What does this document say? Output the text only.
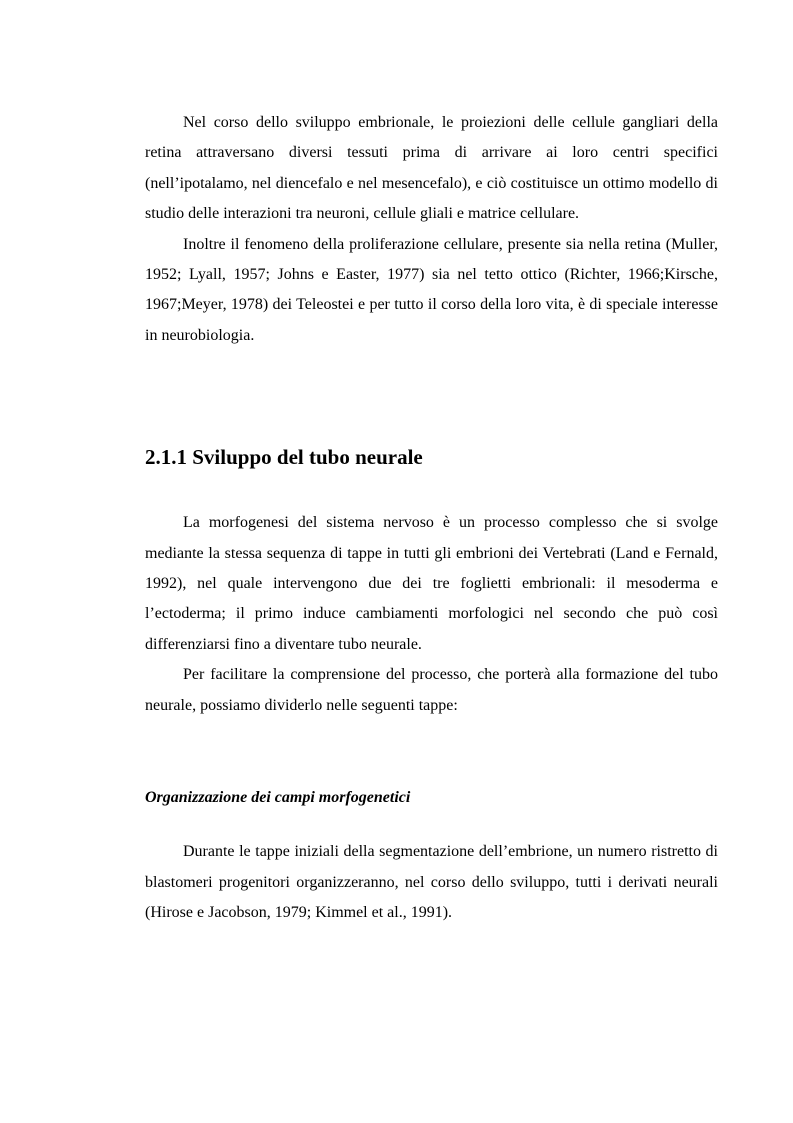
Nel corso dello sviluppo embrionale, le proiezioni delle cellule gangliari della retina attraversano diversi tessuti prima di arrivare ai loro centri specifici (nell’ipotalamo, nel diencefalo e nel mesencefalo), e ciò costituisce un ottimo modello di studio delle interazioni tra neuroni, cellule gliali e matrice cellulare.

Inoltre il fenomeno della proliferazione cellulare, presente sia nella retina (Muller, 1952; Lyall, 1957; Johns e Easter, 1977) sia nel tetto ottico (Richter, 1966;Kirsche, 1967;Meyer, 1978) dei Teleostei e per tutto il corso della loro vita, è di speciale interesse in neurobiologia.

2.1.1 Sviluppo del tubo neurale

La morfogenesi del sistema nervoso è un processo complesso che si svolge mediante la stessa sequenza di tappe in tutti gli embrioni dei Vertebrati (Land e Fernald, 1992), nel quale intervengono due dei tre foglietti embrionali: il mesoderma e l’ectoderma; il primo induce cambiamenti morfologici nel secondo che può così differenziarsi fino a diventare tubo neurale.

Per facilitare la comprensione del processo, che porterà alla formazione del tubo neurale, possiamo dividerlo nelle seguenti tappe:

Organizzazione dei campi morfogenetici

Durante le tappe iniziali della segmentazione dell’embrione, un numero ristretto di blastomeri progenitori organizzeranno, nel corso dello sviluppo, tutti i derivati neurali (Hirose e Jacobson, 1979; Kimmel et al., 1991).
